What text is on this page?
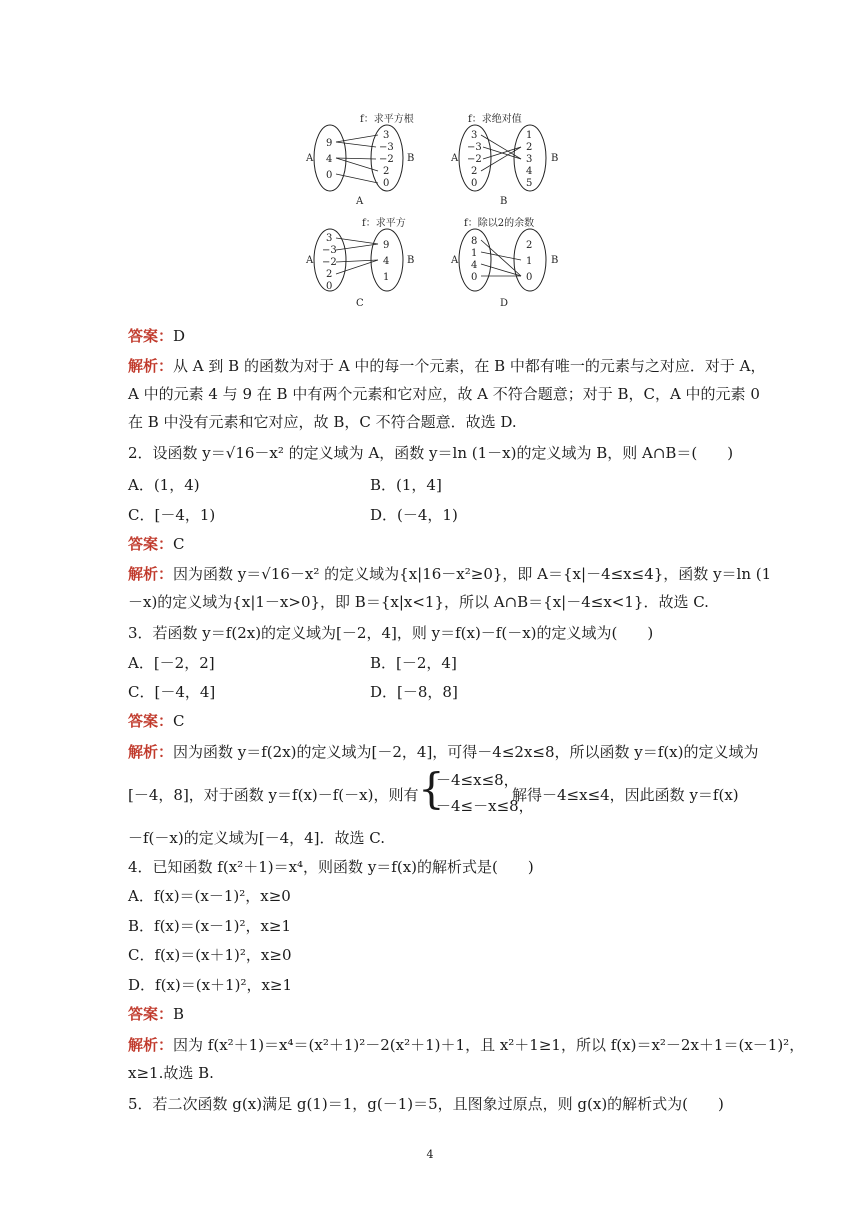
f：求平方根
A	B
9
4
0
3
−3
−2
2
0
A
f：求绝对值
A	B
3
−3
−2
2
0
1
2
3
4
5
B
f：求平方
A	B
3
−3
−2
2
0
9
4
1
C
f：除以2的余数
A	B
8
1
4
0
2
1
0
D
答案：D
解析：从 A 到 B 的函数为对于 A 中的每一个元素，在 B 中都有唯一的元素与之对应．对于 A，
A 中的元素 4 与 9 在 B 中有两个元素和它对应，故 A 不符合题意；对于 B，C，A 中的元素 0
在 B 中没有元素和它对应，故 B，C 不符合题意．故选 D.
2．设函数 y＝√16－x² 的定义域为 A，函数 y＝ln (1－x)的定义域为 B，则 A∩B＝(　　)
A．(1，4)	B．(1，4]
C．[－4，1)	D．(－4，1)
答案：C
解析：因为函数 y＝√16－x² 的定义域为{x|16－x²≥0}，即 A＝{x|－4≤x≤4}，函数 y＝ln (1
－x)的定义域为{x|1－x>0}，即 B＝{x|x<1}，所以 A∩B＝{x|－4≤x<1}．故选 C.
3．若函数 y＝f(2x)的定义域为[－2，4]，则 y＝f(x)－f(－x)的定义域为(　　)
A．[－2，2]	B．[－2，4]
C．[－4，4]	D．[－8，8]
答案：C
解析：因为函数 y＝f(2x)的定义域为[－2，4]，可得－4≤2x≤8，所以函数 y＝f(x)的定义域为
[－4，8]，对于函数 y＝f(x)－f(－x)，则有 {
－4≤x≤8，
－4≤－x≤8，
解得－4≤x≤4，因此函数 y＝f(x)
－f(－x)的定义域为[－4，4]．故选 C.
4．已知函数 f(x²＋1)＝x⁴，则函数 y＝f(x)的解析式是(　　)
A．f(x)＝(x－1)²，x≥0
B．f(x)＝(x－1)²，x≥1
C．f(x)＝(x＋1)²，x≥0
D．f(x)＝(x＋1)²，x≥1
答案：B
解析：因为 f(x²＋1)＝x⁴＝(x²＋1)²－2(x²＋1)＋1，且 x²＋1≥1，所以 f(x)＝x²－2x＋1＝(x－1)²，
x≥1.故选 B.
5．若二次函数 g(x)满足 g(1)＝1，g(－1)＝5，且图象过原点，则 g(x)的解析式为(　　)
4
